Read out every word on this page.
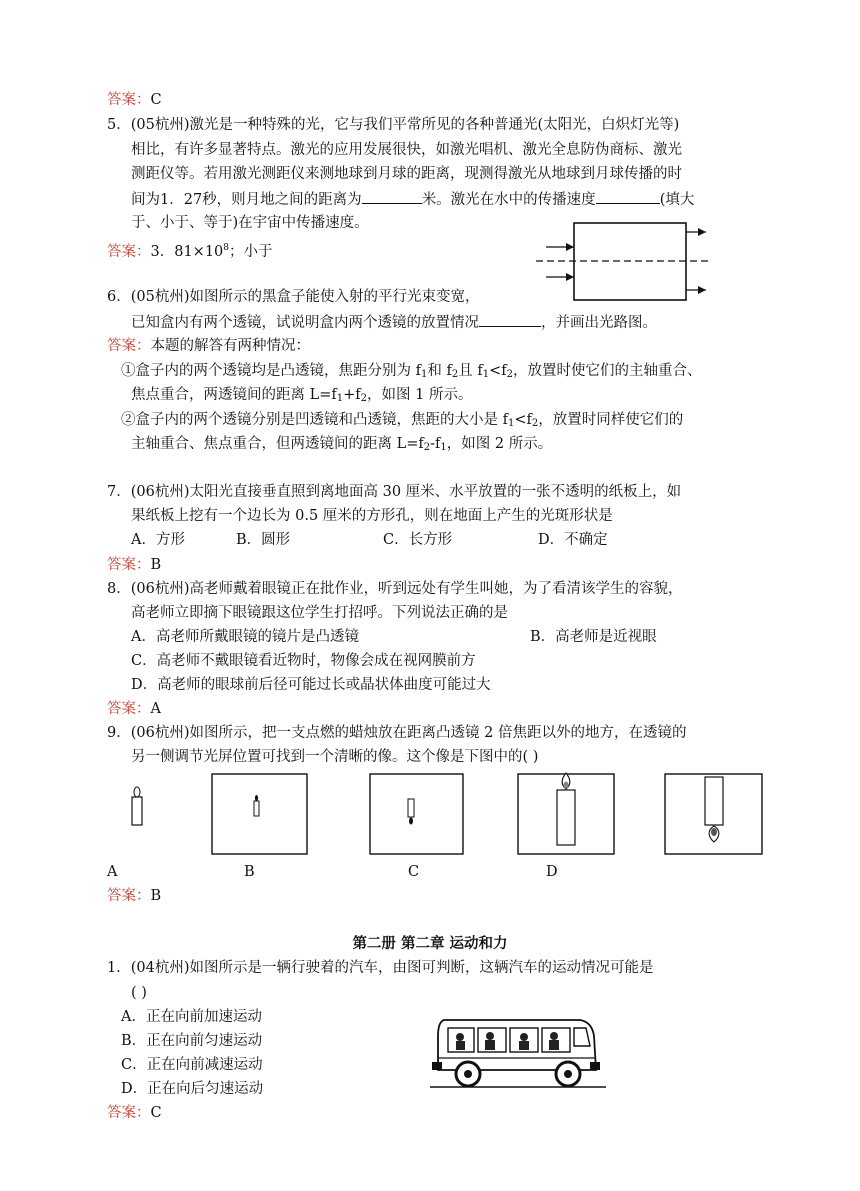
答案：C
5．(05杭州)激光是一种特殊的光，它与我们平常所见的各种普通光(太阳光，白炽灯光等)
相比，有许多显著特点。激光的应用发展很快，如激光唱机、激光全息防伪商标、激光
测距仪等。若用激光测距仪来测地球到月球的距离，现测得激光从地球到月球传播的时
间为1．27秒，则月地之间的距离为	米。激光在水中的传播速度	(填大
于、小于、等于)在宇宙中传播速度。
答案：3．$81\times 10^8$；小于
6．(05杭州)如图所示的黑盒子能使入射的平行光束变宽，
已知盒内有两个透镜，试说明盒内两个透镜的放置情况	，并画出光路图。
答案：本题的解答有两种情况：
①盒子内的两个透镜均是凸透镜，焦距分别为 $f_1$和 $f_2$且 $f_1<f_2$，放置时使它们的主轴重合、
焦点重合，两透镜间的距离 $L=f_1+f_2$，如图 1 所示。
②盒子内的两个透镜分别是凹透镜和凸透镜，焦距的大小是 $f_1<f_2$，放置时同样使它们的
主轴重合、焦点重合，但两透镜间的距离 $L=f_2-f_1$，如图 2 所示。
7．(06杭州)太阳光直接垂直照到离地面高 30 厘米、水平放置的一张不透明的纸板上，如
果纸板上挖有一个边长为 0.5 厘米的方形孔，则在地面上产生的光斑形状是
A．方形	B．圆形	C．长方形	D．不确定
答案：B
8．(06杭州)高老师戴着眼镜正在批作业，听到远处有学生叫她，为了看清该学生的容貌，
高老师立即摘下眼镜跟这位学生打招呼。下列说法正确的是
A．高老师所戴眼镜的镜片是凸透镜	B．高老师是近视眼
C．高老师不戴眼镜看近物时，物像会成在视网膜前方
D．高老师的眼球前后径可能过长或晶状体曲度可能过大
答案：A
9．(06杭州)如图所示，把一支点燃的蜡烛放在距离凸透镜 2 倍焦距以外的地方，在透镜的
另一侧调节光屏位置可找到一个清晰的像。这个像是下图中的( )
A	B	C	D
答案：B
第二册 第二章 运动和力
1．(04杭州)如图所示是一辆行驶着的汽车，由图可判断，这辆汽车的运动情况可能是
( )
A．正在向前加速运动
B．正在向前匀速运动
C．正在向前减速运动
D．正在向后匀速运动
答案：C
